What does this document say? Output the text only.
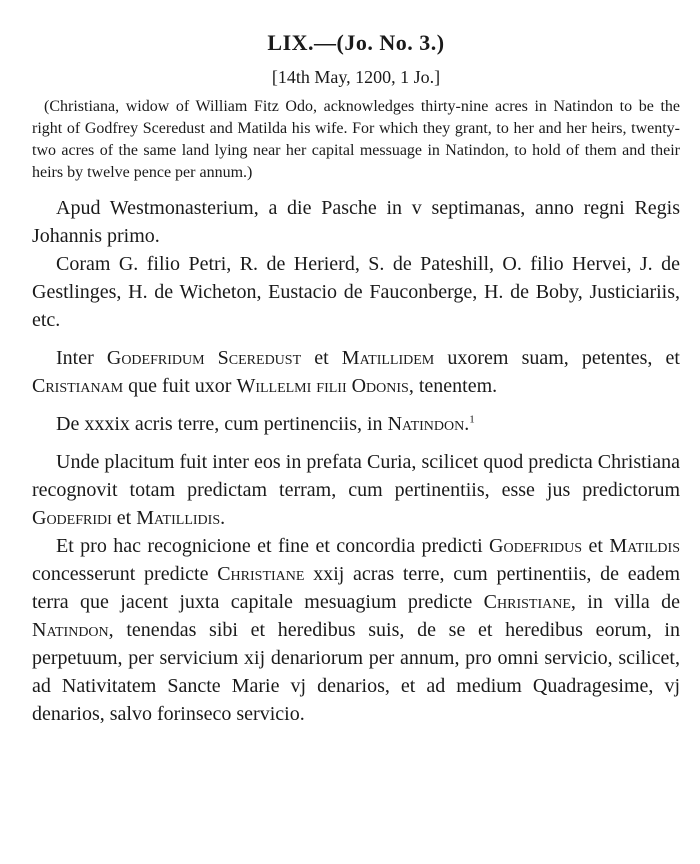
LIX.—(Jo. No. 3.)
[14th May, 1200, 1 Jo.]

(Christiana, widow of William Fitz Odo, acknowledges thirty-nine acres in Natindon to be the right of Godfrey Sceredust and Matilda his wife. For which they grant, to her and her heirs, twenty-two acres of the same land lying near her capital messuage in Natindon, to hold of them and their heirs by twelve pence per annum.)

Apud Westmonasterium, a die Pasche in v septimanas, anno regni Regis Johannis primo.

Coram G. filio Petri, R. de Herierd, S. de Pateshill, O. filio Hervei, J. de Gestlinges, H. de Wicheton, Eustacio de Fauconberge, H. de Boby, Justiciariis, etc.

Inter Godefridum Sceredust et Matillidem uxorem suam, petentes, et Cristianam que fuit uxor Willelmi filii Odonis, tenentem.

De xxxix acris terre, cum pertinenciis, in Natindon.$^1$

Unde placitum fuit inter eos in prefata Curia, scilicet quod predicta Christiana recognovit totam predictam terram, cum pertinentiis, esse jus predictorum Godefridi et Matillidis.

Et pro hac recognicione et fine et concordia predicti Godefridus et Matildis concesserunt predicte Christiane xxij acras terre, cum pertinentiis, de eadem terra que jacent juxta capitale mesuagium predicte Christiane, in villa de Natindon, tenendas sibi et heredibus suis, de se et heredibus eorum, in perpetuum, per servicium xij denariorum per annum, pro omni servicio, scilicet, ad Nativitatem Sancte Marie vj denarios, et ad medium Quadragesime, vj denarios, salvo forinseco servicio.
